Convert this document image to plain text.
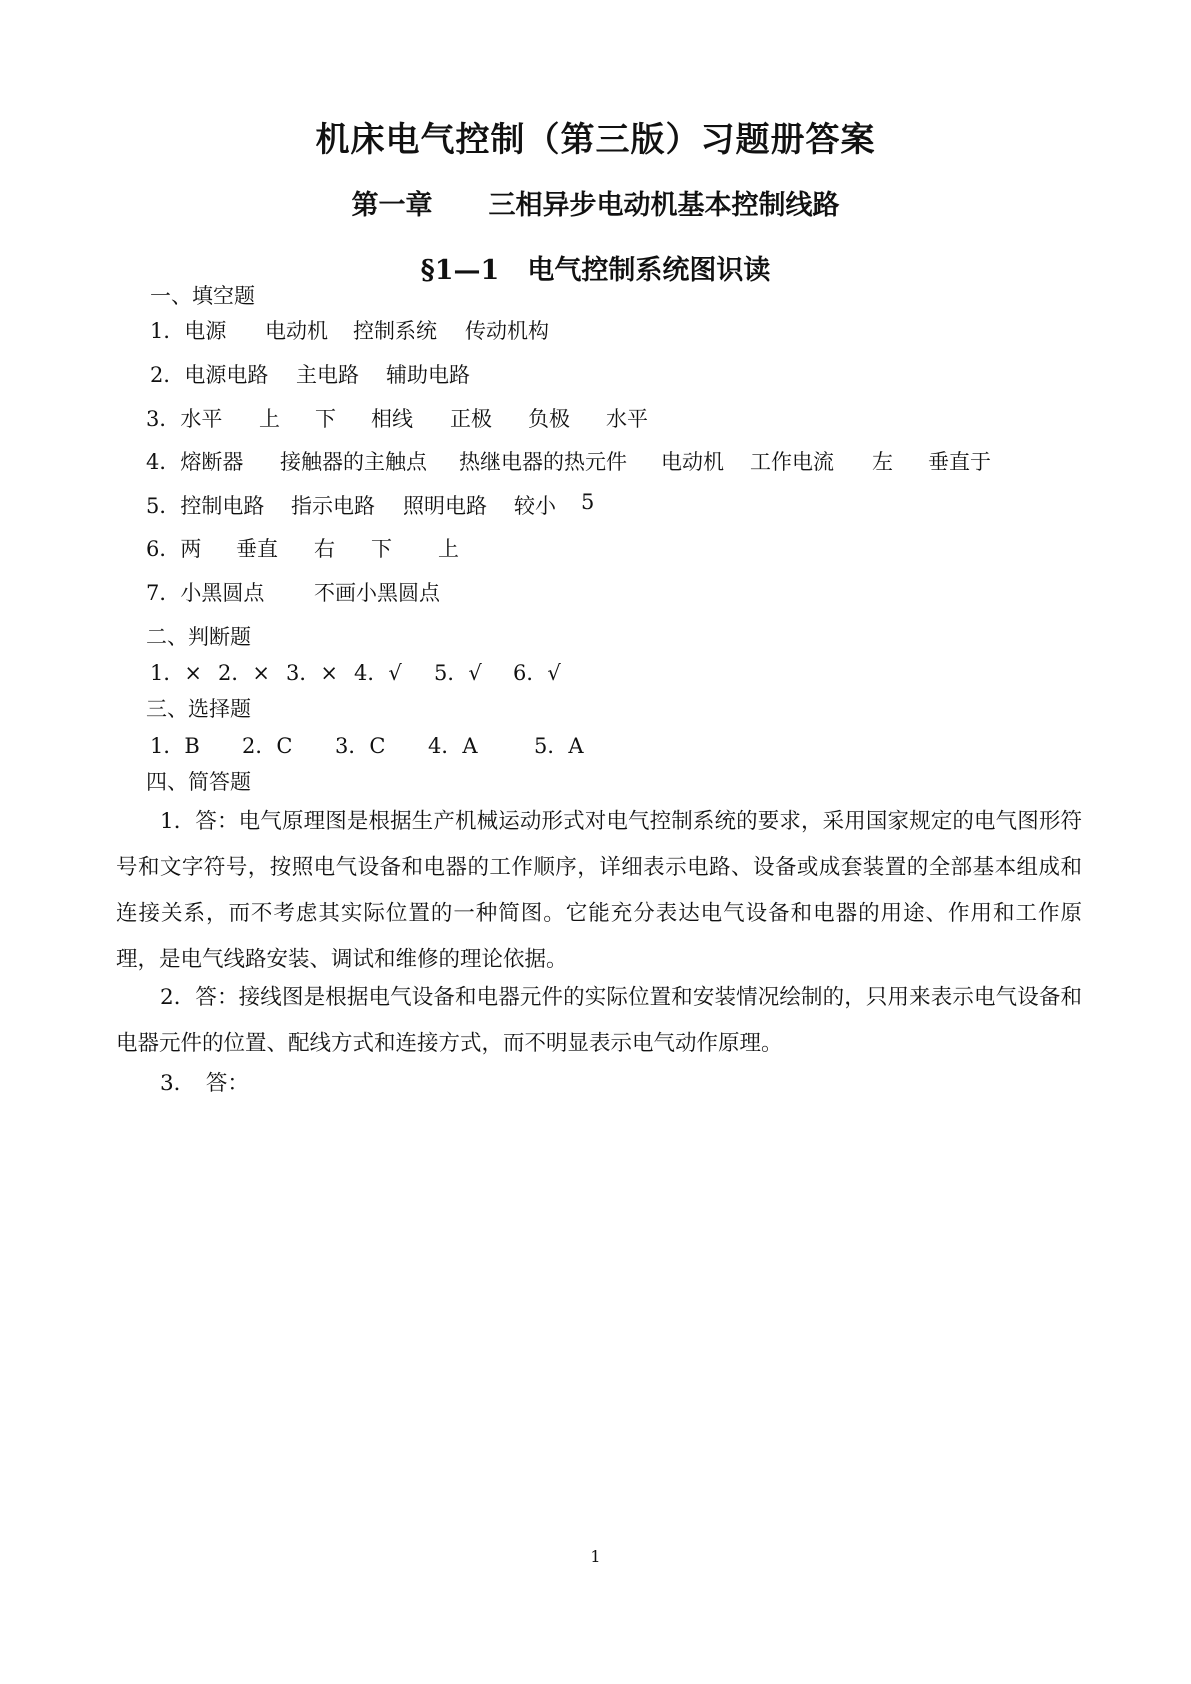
机床电气控制（第三版）习题册答案
第一章 三相异步电动机基本控制线路
§1—1 电气控制系统图识读
一、填空题
1．电源 电动机 控制系统 传动机构
2．电源电路 主电路 辅助电路
3．水平 上 下 相线 正极 负极 水平
4．熔断器 接触器的主触点 热继电器的热元件 电动机 工作电流 左 垂直于
5．控制电路 指示电路 照明电路 较小 5
6．两 垂直 右 下 上
7．小黑圆点 不画小黑圆点
二、判断题
1．× 2．× 3．× 4．√ 5．√ 6．√
三、选择题
1．B 2．C 3．C 4．A	5．A
四、简答题
1．答：电气原理图是根据生产机械运动形式对电气控制系统的要求，采用国家规定的电气图形符号和文字符号，按照电气设备和电器的工作顺序，详细表示电路、设备或成套装置的全部基本组成和连接关系，而不考虑其实际位置的一种简图。它能充分表达电气设备和电器的用途、作用和工作原理，是电气线路安装、调试和维修的理论依据。
2．答：接线图是根据电气设备和电器元件的实际位置和安装情况绘制的，只用来表示电气设备和电器元件的位置、配线方式和连接方式，而不明显表示电气动作原理。
3．　答：
1
